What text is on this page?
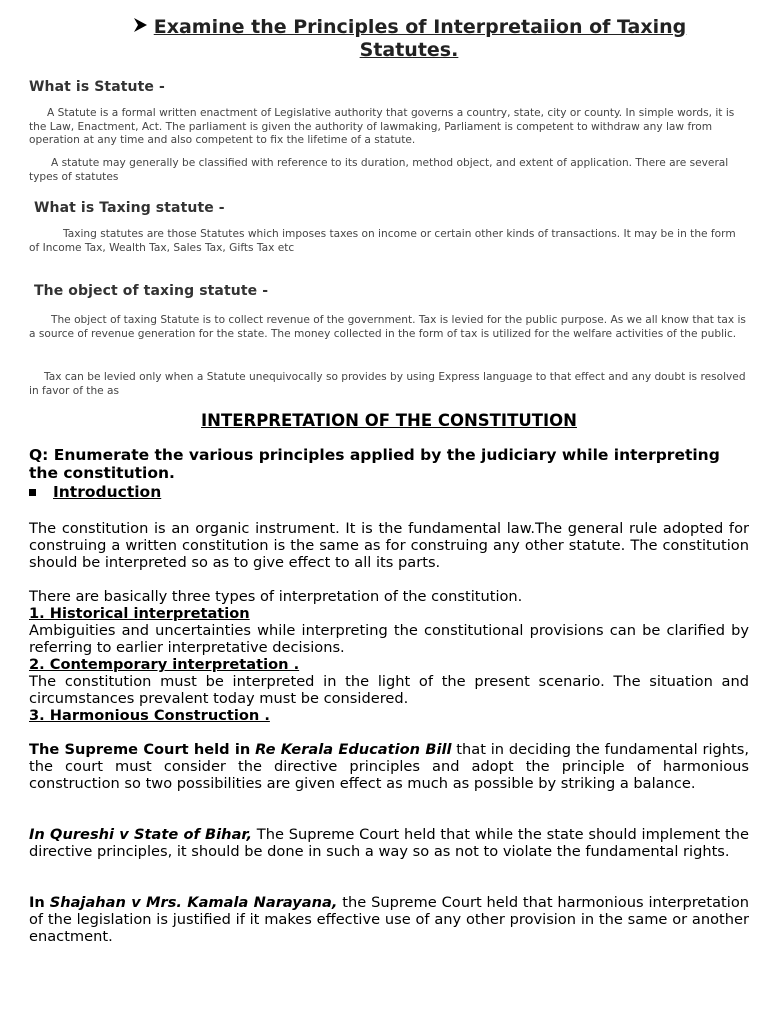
Examine the Principles of Interpretaiion of Taxing Statutes.
What is Statute -

A Statute is a formal written enactment of Legislative authority that governs a country, state, city or county. In simple words, it is the Law, Enactment, Act. The parliament is given the authority of lawmaking, Parliament is competent to withdraw any law from operation at any time and also competent to fix the lifetime of a statute.

A statute may generally be classified with reference to its duration, method object, and extent of application. There are several types of statutes

What is Taxing statute -

Taxing statutes are those Statutes which imposes taxes on income or certain other kinds of transactions. It may be in the form of Income Tax, Wealth Tax, Sales Tax, Gifts Tax etc

The object of taxing statute -

The object of taxing Statute is to collect revenue of the government. Tax is levied for the public purpose. As we all know that tax is a source of revenue generation for the state. The money collected in the form of tax is utilized for the welfare activities of the public.

Tax can be levied only when a Statute unequivocally so provides by using Express language to that effect and any doubt is resolved in favor of the as

INTERPRETATION OF THE CONSTITUTION
Q: Enumerate the various principles applied by the judiciary while interpreting the constitution.
Introduction

The constitution is an organic instrument. It is the fundamental law.The general rule adopted for construing a written constitution is the same as for construing any other statute. The constitution should be interpreted so as to give effect to all its parts.

There are basically three types of interpretation of the constitution.

1. Historical interpretation

Ambiguities and uncertainties while interpreting the constitutional provisions can be clarified by referring to earlier interpretative decisions.

2. Contemporary interpretation .

The constitution must be interpreted in the light of the present scenario. The situation and circumstances prevalent today must be considered.

3. Harmonious Construction .

The Supreme Court held in Re Kerala Education Bill that in deciding the fundamental rights, the court must consider the directive principles and adopt the principle of harmonious construction so two possibilities are given effect as much as possible by striking a balance.

In Qureshi v State of Bihar, The Supreme Court held that while the state should implement the directive principles, it should be done in such a way so as not to violate the fundamental rights.

In Shajahan v Mrs. Kamala Narayana, the Supreme Court held that harmonious interpretation of the legislation is justified if it makes effective use of any other provision in the same or another enactment.
